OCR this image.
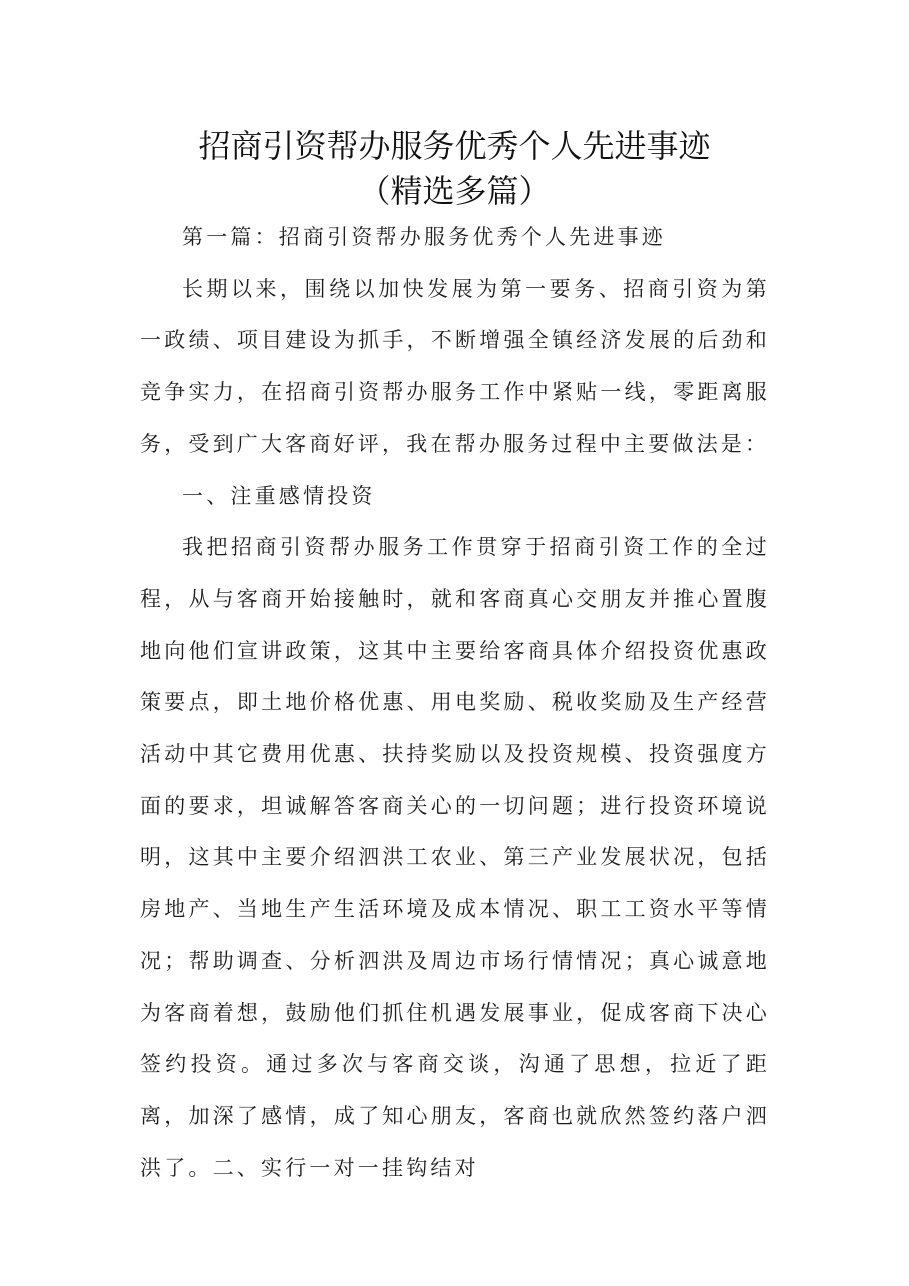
招商引资帮办服务优秀个人先进事迹
（精选多篇）

第一篇：招商引资帮办服务优秀个人先进事迹

长期以来，围绕以加快发展为第一要务、招商引资为第一政绩、项目建设为抓手，不断增强全镇经济发展的后劲和竞争实力，在招商引资帮办服务工作中紧贴一线，零距离服务，受到广大客商好评，我在帮办服务过程中主要做法是：

一、注重感情投资

我把招商引资帮办服务工作贯穿于招商引资工作的全过程，从与客商开始接触时，就和客商真心交朋友并推心置腹地向他们宣讲政策，这其中主要给客商具体介绍投资优惠政策要点，即土地价格优惠、用电奖励、税收奖励及生产经营活动中其它费用优惠、扶持奖励以及投资规模、投资强度方面的要求，坦诚解答客商关心的一切问题；进行投资环境说明，这其中主要介绍泗洪工农业、第三产业发展状况，包括房地产、当地生产生活环境及成本情况、职工工资水平等情况；帮助调查、分析泗洪及周边市场行情情况；真心诚意地为客商着想，鼓励他们抓住机遇发展事业，促成客商下决心签约投资。通过多次与客商交谈，沟通了思想，拉近了距离，加深了感情，成了知心朋友，客商也就欣然签约落户泗洪了。二、实行一对一挂钩结对
